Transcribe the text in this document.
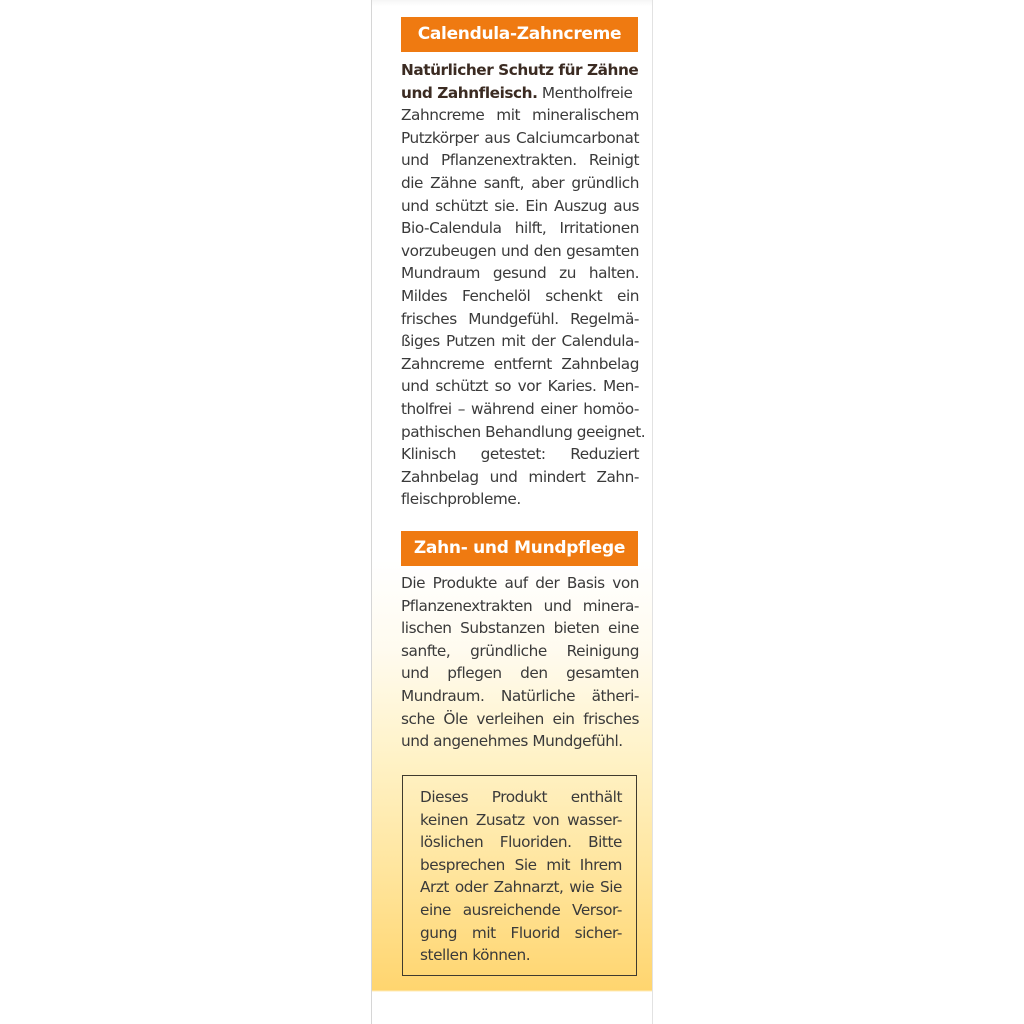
Calendula-Zahncreme
Natürlicher Schutz für Zähne
und Zahnfleisch. Mentholfreie
Zahncreme mit mineralischem
Putzkörper aus Calciumcarbonat
und Pflanzenextrakten. Reinigt
die Zähne sanft, aber gründlich
und schützt sie. Ein Auszug aus
Bio-Calendula hilft, Irritationen
vorzubeugen und den gesamten
Mundraum gesund zu halten.
Mildes Fenchelöl schenkt ein
frisches Mundgefühl. Regelmä-
ßiges Putzen mit der Calendula-
Zahncreme entfernt Zahnbelag
und schützt so vor Karies. Men-
tholfrei – während einer homöo-
pathischen Behandlung geeignet.
Klinisch getestet: Reduziert
Zahnbelag und mindert Zahn-
fleischprobleme.
Zahn- und Mundpflege
Die Produkte auf der Basis von
Pflanzenextrakten und minera-
lischen Substanzen bieten eine
sanfte, gründliche Reinigung
und pflegen den gesamten
Mundraum. Natürliche ätheri-
sche Öle verleihen ein frisches
und angenehmes Mundgefühl.
Dieses Produkt enthält
keinen Zusatz von wasser-
löslichen Fluoriden. Bitte
besprechen Sie mit Ihrem
Arzt oder Zahnarzt, wie Sie
eine ausreichende Versor-
gung mit Fluorid sicher-
stellen können.
